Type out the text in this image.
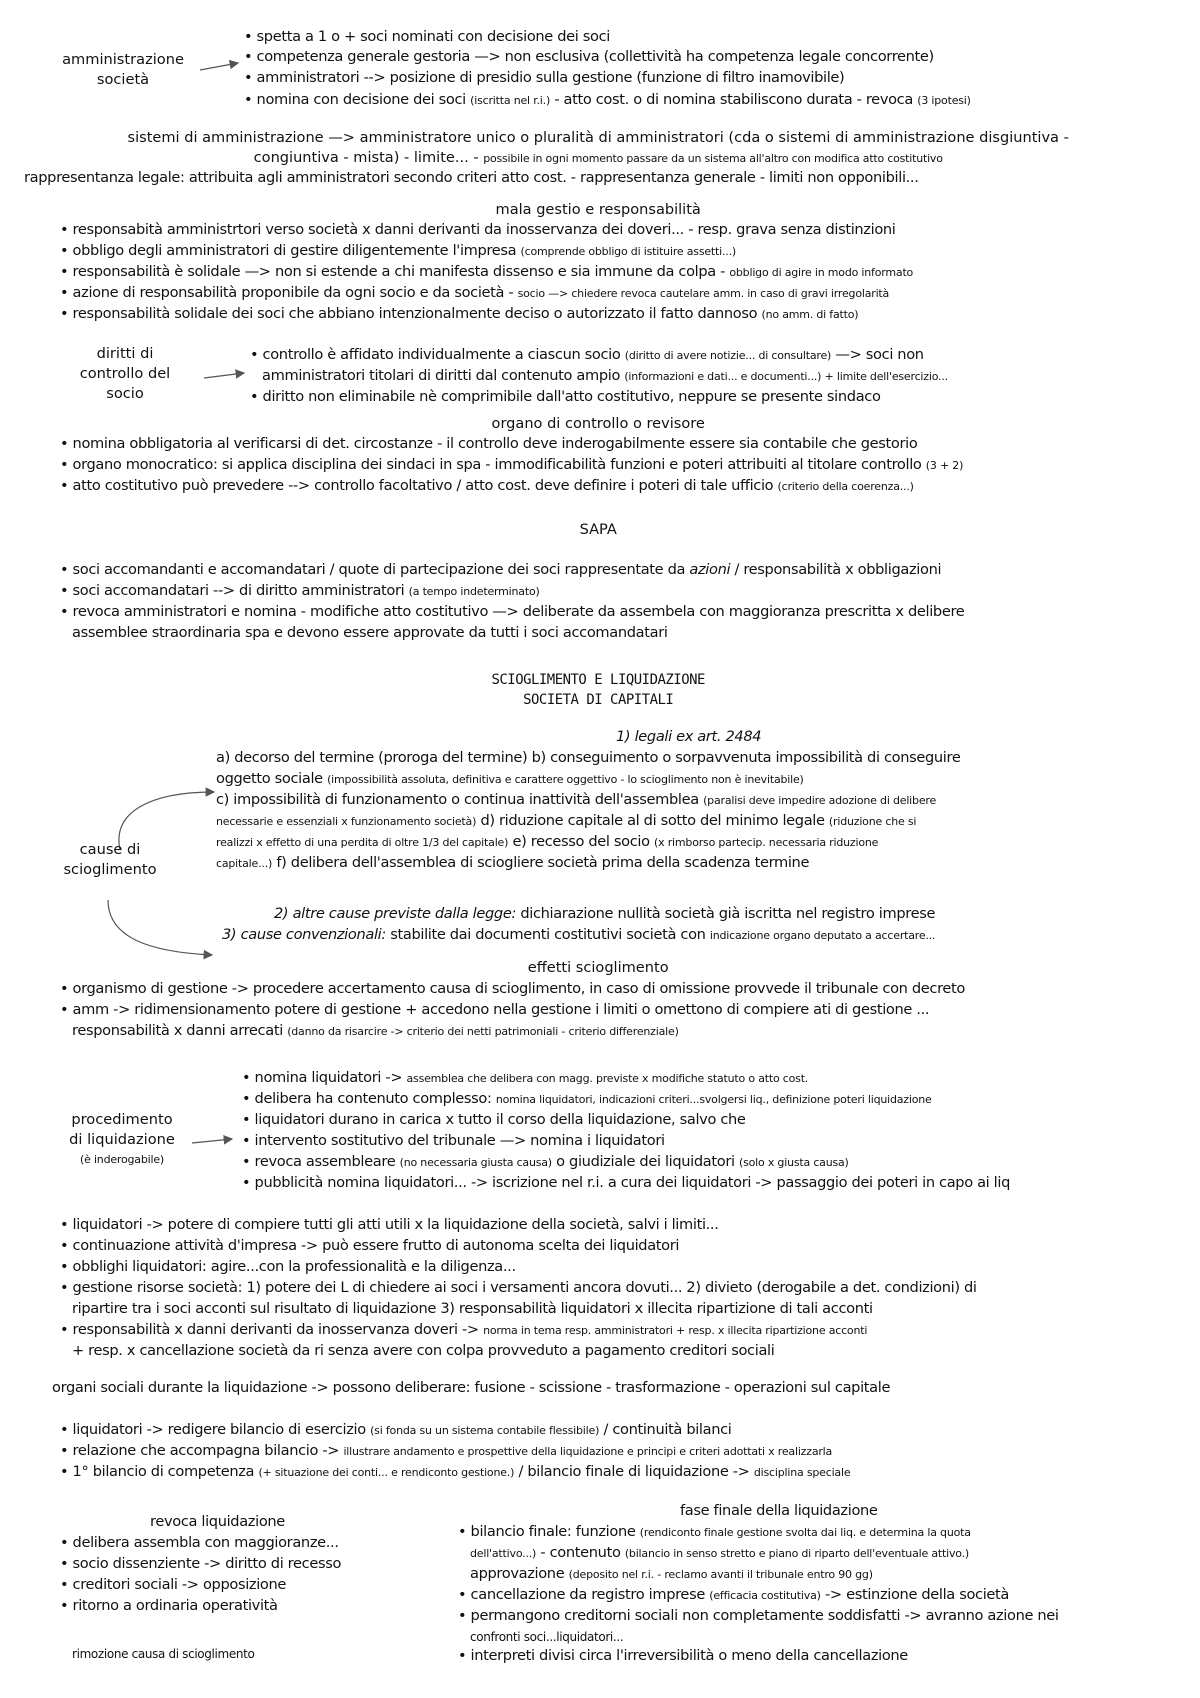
amministrazione
società
• spetta a 1 o + soci nominati con decisione dei soci
• competenza generale gestoria —> non esclusiva (collettività ha competenza legale concorrente)
• amministratori --> posizione di presidio sulla gestione (funzione di filtro inamovibile)
• nomina con decisione dei soci (iscritta nel r.i.) - atto cost. o di nomina stabiliscono durata - revoca (3 ipotesi)
sistemi di amministrazione —> amministratore unico o pluralità di amministratori (cda o sistemi di amministrazione disgiuntiva -
congiuntiva - mista) - limite... - possibile in ogni momento passare da un sistema all'altro con modifica atto costitutivo
rappresentanza legale: attribuita agli amministratori secondo criteri atto cost. - rappresentanza generale - limiti non opponibili...
mala gestio e responsabilità
• responsabità amministrtori verso società x danni derivanti da inosservanza dei doveri... - resp. grava senza distinzioni
• obbligo degli amministratori di gestire diligentemente l'impresa (comprende obbligo di istituire assetti...)
• responsabilità è solidale —> non si estende a chi manifesta dissenso e sia immune da colpa - obbligo di agire in modo informato
• azione di responsabilità proponibile da ogni socio e da società - socio —> chiedere revoca cautelare amm. in caso di gravi irregolarità
• responsabilità solidale dei soci che abbiano intenzionalmente deciso o autorizzato il fatto dannoso (no amm. di fatto)
diritti di
controllo del
socio
• controllo è affidato individualmente a ciascun socio (diritto di avere notizie... di consultare) —> soci non
amministratori titolari di diritti dal contenuto ampio (informazioni e dati... e documenti...) + limite dell'esercizio...
• diritto non eliminabile nè comprimibile dall'atto costitutivo, neppure se presente sindaco
organo di controllo o revisore
• nomina obbligatoria al verificarsi di det. circostanze - il controllo deve inderogabilmente essere sia contabile che gestorio
• organo monocratico: si applica disciplina dei sindaci in spa - immodificabilità funzioni e poteri attribuiti al titolare controllo (3 + 2)
• atto costitutivo può prevedere --> controllo facoltativo / atto cost. deve definire i poteri di tale ufficio (criterio della coerenza...)
SAPA
• soci accomandanti e accomandatari / quote di partecipazione dei soci rappresentate da azioni / responsabilità x obbligazioni
• soci accomandatari --> di diritto amministratori (a tempo indeterminato)
• revoca amministratori e nomina - modifiche atto costitutivo —> deliberate da assembela con maggioranza prescritta x delibere
assemblee straordinaria spa e devono essere approvate da tutti i soci accomandatari
SCIOGLIMENTO E LIQUIDAZIONE
SOCIETA DI CAPITALI
1) legali ex art. 2484
a) decorso del termine (proroga del termine) b) conseguimento o sorpavvenuta impossibilità di conseguire
oggetto sociale (impossibilità assoluta, definitiva e carattere oggettivo - lo scioglimento non è inevitabile)
c) impossibilità di funzionamento o continua inattività dell'assemblea (paralisi deve impedire adozione di delibere
necessarie e essenziali x funzionamento società) d) riduzione capitale al di sotto del minimo legale (riduzione che si
realizzi x effetto di una perdita di oltre 1/3 del capitale) e) recesso del socio (x rimborso partecip. necessaria riduzione
capitale...) f) delibera dell'assemblea di sciogliere società prima della scadenza termine
cause di
scioglimento
2) altre cause previste dalla legge: dichiarazione nullità società già iscritta nel registro imprese
3) cause convenzionali: stabilite dai documenti costitutivi società con indicazione organo deputato a accertare...
effetti scioglimento
• organismo di gestione -> procedere accertamento causa di scioglimento, in caso di omissione provvede il tribunale con decreto
• amm -> ridimensionamento potere di gestione + accedono nella gestione i limiti o omettono di compiere ati di gestione ...
responsabilità x danni arrecati (danno da risarcire -> criterio dei netti patrimoniali - criterio differenziale)
procedimento
di liquidazione
(è inderogabile)
• nomina liquidatori -> assemblea che delibera con magg. previste x modifiche statuto o atto cost.
• delibera ha contenuto complesso: nomina liquidatori, indicazioni criteri...svolgersi liq., definizione poteri liquidazione
• liquidatori durano in carica x tutto il corso della liquidazione, salvo che
• intervento sostitutivo del tribunale —> nomina i liquidatori
• revoca assembleare (no necessaria giusta causa) o giudiziale dei liquidatori (solo x giusta causa)
• pubblicità nomina liquidatori... -> iscrizione nel r.i. a cura dei liquidatori -> passaggio dei poteri in capo ai liq
• liquidatori -> potere di compiere tutti gli atti utili x la liquidazione della società, salvi i limiti...
• continuazione attività d'impresa -> può essere frutto di autonoma scelta dei liquidatori
• obblighi liquidatori: agire...con la professionalità e la diligenza...
• gestione risorse società: 1) potere dei L di chiedere ai soci i versamenti ancora dovuti... 2) divieto (derogabile a det. condizioni) di
ripartire tra i soci acconti sul risultato di liquidazione 3) responsabilità liquidatori x illecita ripartizione di tali acconti
• responsabilità x danni derivanti da inosservanza doveri -> norma in tema resp. amministratori + resp. x illecita ripartizione acconti
+ resp. x cancellazione società da ri senza avere con colpa provveduto a pagamento creditori sociali
organi sociali durante la liquidazione -> possono deliberare: fusione - scissione - trasformazione - operazioni sul capitale
• liquidatori -> redigere bilancio di esercizio (si fonda su un sistema contabile flessibile) / continuità bilanci
• relazione che accompagna bilancio -> illustrare andamento e prospettive della liquidazione e principi e criteri adottati x realizzarla
• 1° bilancio di competenza (+ situazione dei conti... e rendiconto gestione.) / bilancio finale di liquidazione -> disciplina speciale
revoca liquidazione
• delibera assembla con maggioranze...
• socio dissenziente -> diritto di recesso
• creditori sociali -> opposizione
• ritorno a ordinaria operatività
rimozione causa di scioglimento
fase finale della liquidazione
• bilancio finale: funzione (rendiconto finale gestione svolta dai liq. e determina la quota
dell'attivo...) - contenuto (bilancio in senso stretto e piano di riparto dell'eventuale attivo.)
approvazione (deposito nel r.i. - reclamo avanti il tribunale entro 90 gg)
• cancellazione da registro imprese (efficacia costitutiva) -> estinzione della società
• permangono creditorni sociali non completamente soddisfatti -> avranno azione nei
confronti soci...liquidatori...
• interpreti divisi circa l'irreversibilità o meno della cancellazione
